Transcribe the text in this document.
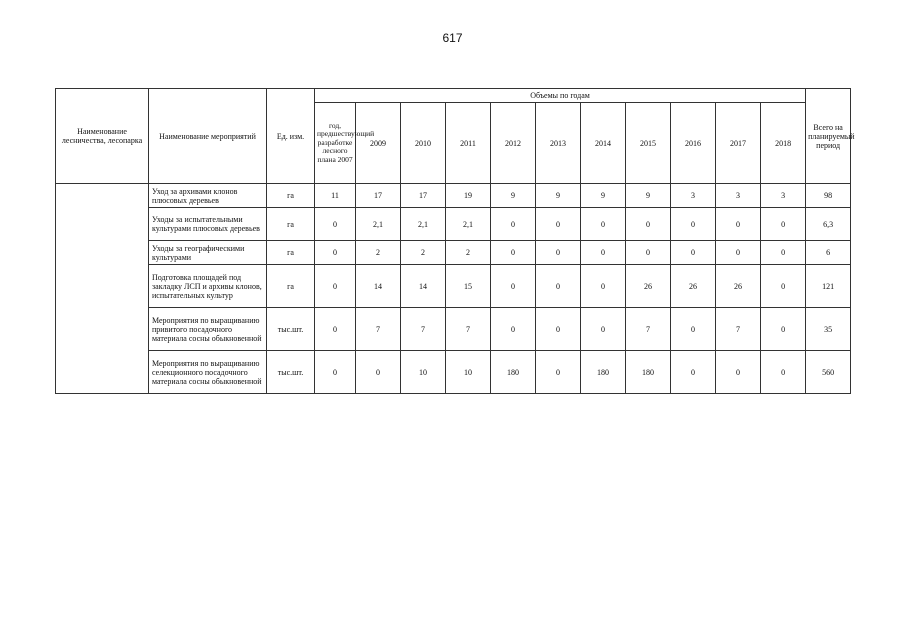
617
Наименование лесничества, лесопарка	Наименование мероприятий	Ед. изм.	Объемы по годам											Всего на планируемый период
			год, предшествующий разработке лесного плана 2007	2009	2010	2011	2012	2013	2014	2015	2016	2017	2018	
	Уход за архивами клонов плюсовых деревьев	га	11	17	17	19	9	9	9	9	3	3	3	98
	Уходы за испытательными культурами плюсовых деревьев	га	0	2,1	2,1	2,1	0	0	0	0	0	0	0	6,3
	Уходы за географическими культурами	га	0	2	2	2	0	0	0	0	0	0	0	6
	Подготовка площадей под закладку ЛСП и архивы клонов, испытательных культур	га	0	14	14	15	0	0	0	26	26	26	0	121
	Мероприятия по выращиванию привитого посадочного материала сосны обыкновенной	тыс.шт.	0	7	7	7	0	0	0	7	0	7	0	35
	Мероприятия по выращиванию селекционного посадочного материала сосны обыкновенной	тыс.шт.	0	0	10	10	180	0	180	180	0	0	0	560
